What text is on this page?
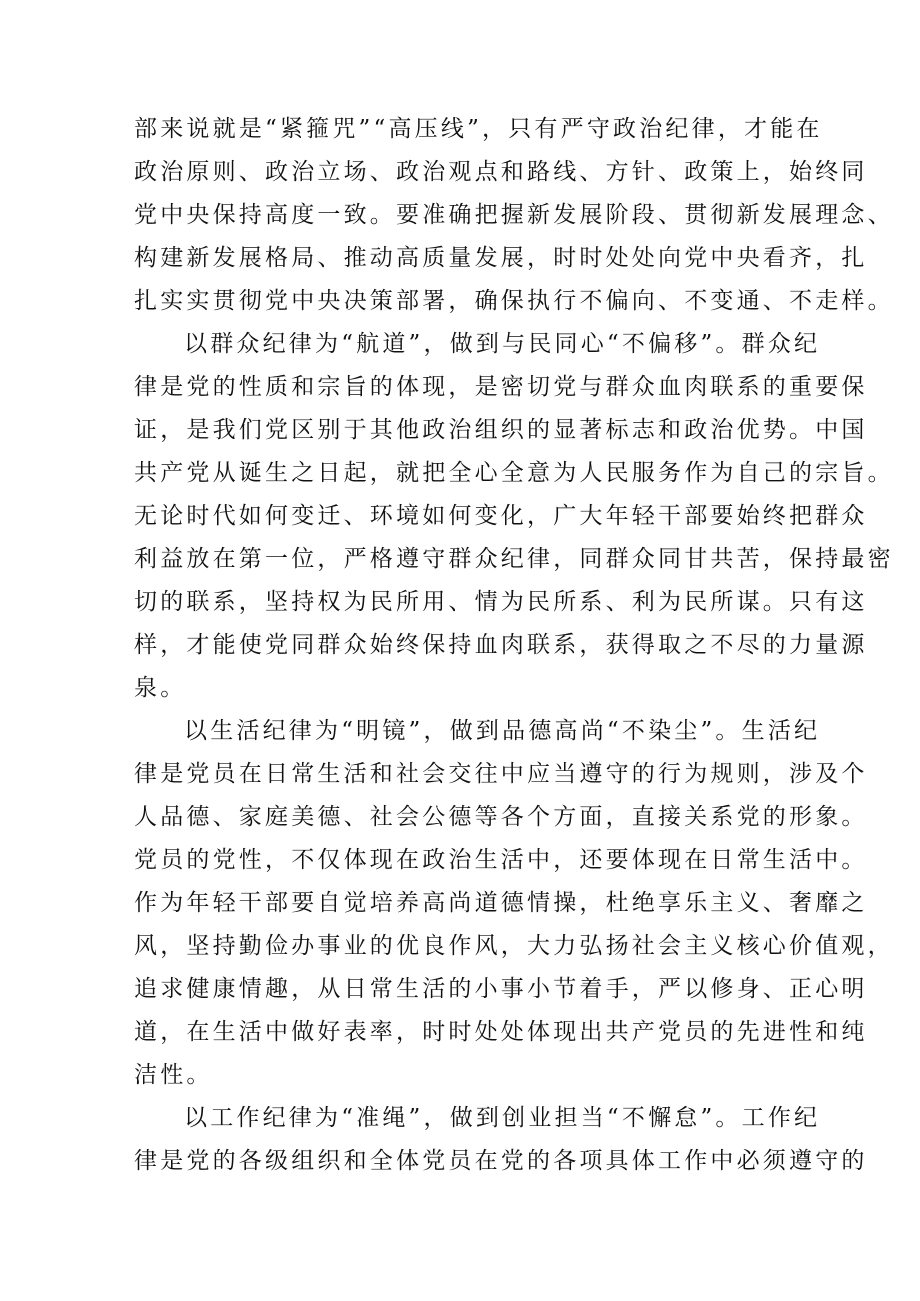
部来说就是“紧箍咒”“高压线”，只有严守政治纪律，才能在
政治原则、政治立场、政治观点和路线、方针、政策上，始终同
党中央保持高度一致。要准确把握新发展阶段、贯彻新发展理念、
构建新发展格局、推动高质量发展，时时处处向党中央看齐，扎
扎实实贯彻党中央决策部署，确保执行不偏向、不变通、不走样。

以群众纪律为“航道”，做到与民同心“不偏移”。群众纪
律是党的性质和宗旨的体现，是密切党与群众血肉联系的重要保
证，是我们党区别于其他政治组织的显著标志和政治优势。中国
共产党从诞生之日起，就把全心全意为人民服务作为自己的宗旨。
无论时代如何变迁、环境如何变化，广大年轻干部要始终把群众
利益放在第一位，严格遵守群众纪律，同群众同甘共苦，保持最密
切的联系，坚持权为民所用、情为民所系、利为民所谋。只有这
样，才能使党同群众始终保持血肉联系，获得取之不尽的力量源
泉。

以生活纪律为“明镜”，做到品德高尚“不染尘”。生活纪
律是党员在日常生活和社会交往中应当遵守的行为规则，涉及个
人品德、家庭美德、社会公德等各个方面，直接关系党的形象。
党员的党性，不仅体现在政治生活中，还要体现在日常生活中。
作为年轻干部要自觉培养高尚道德情操，杜绝享乐主义、奢靡之
风，坚持勤俭办事业的优良作风，大力弘扬社会主义核心价值观，
追求健康情趣，从日常生活的小事小节着手，严以修身、正心明
道，在生活中做好表率，时时处处体现出共产党员的先进性和纯
洁性。

以工作纪律为“准绳”，做到创业担当“不懈怠”。工作纪
律是党的各级组织和全体党员在党的各项具体工作中必须遵守的
